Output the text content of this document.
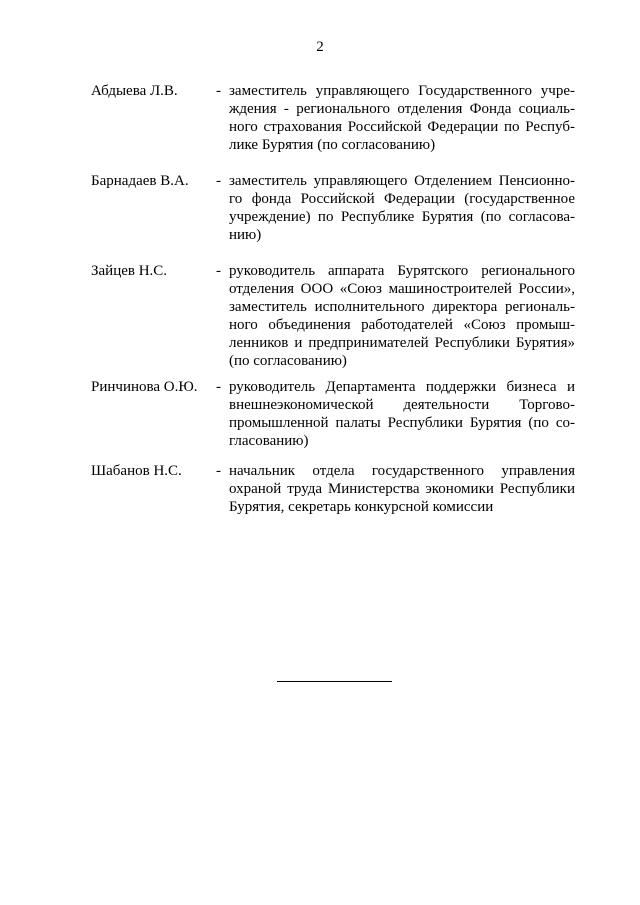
2
Абдыева Л.В.	- заместитель управляющего Государственного учре-
ждения - регионального отделения Фонда социаль-
ного страхования Российской Федерации по Респуб-
лике Бурятия (по согласованию)
Барнадаев В.А.	- заместитель управляющего Отделением Пенсионно-
го фонда Российской Федерации (государственное
учреждение) по Республике Бурятия (по согласова-
нию)
Зайцев Н.С.	- руководитель аппарата Бурятского регионального
отделения ООО «Союз машиностроителей России»,
заместитель исполнительного директора региональ-
ного объединения работодателей «Союз промыш-
ленников и предпринимателей Республики Бурятия»
(по согласованию)
Ринчинова О.Ю.	- руководитель Департамента поддержки бизнеса и
внешнеэкономической деятельности Торгово-
промышленной палаты Республики Бурятия (по со-
гласованию)
Шабанов Н.С.	- начальник отдела государственного управления
охраной труда Министерства экономики Республики
Бурятия, секретарь конкурсной комиссии
